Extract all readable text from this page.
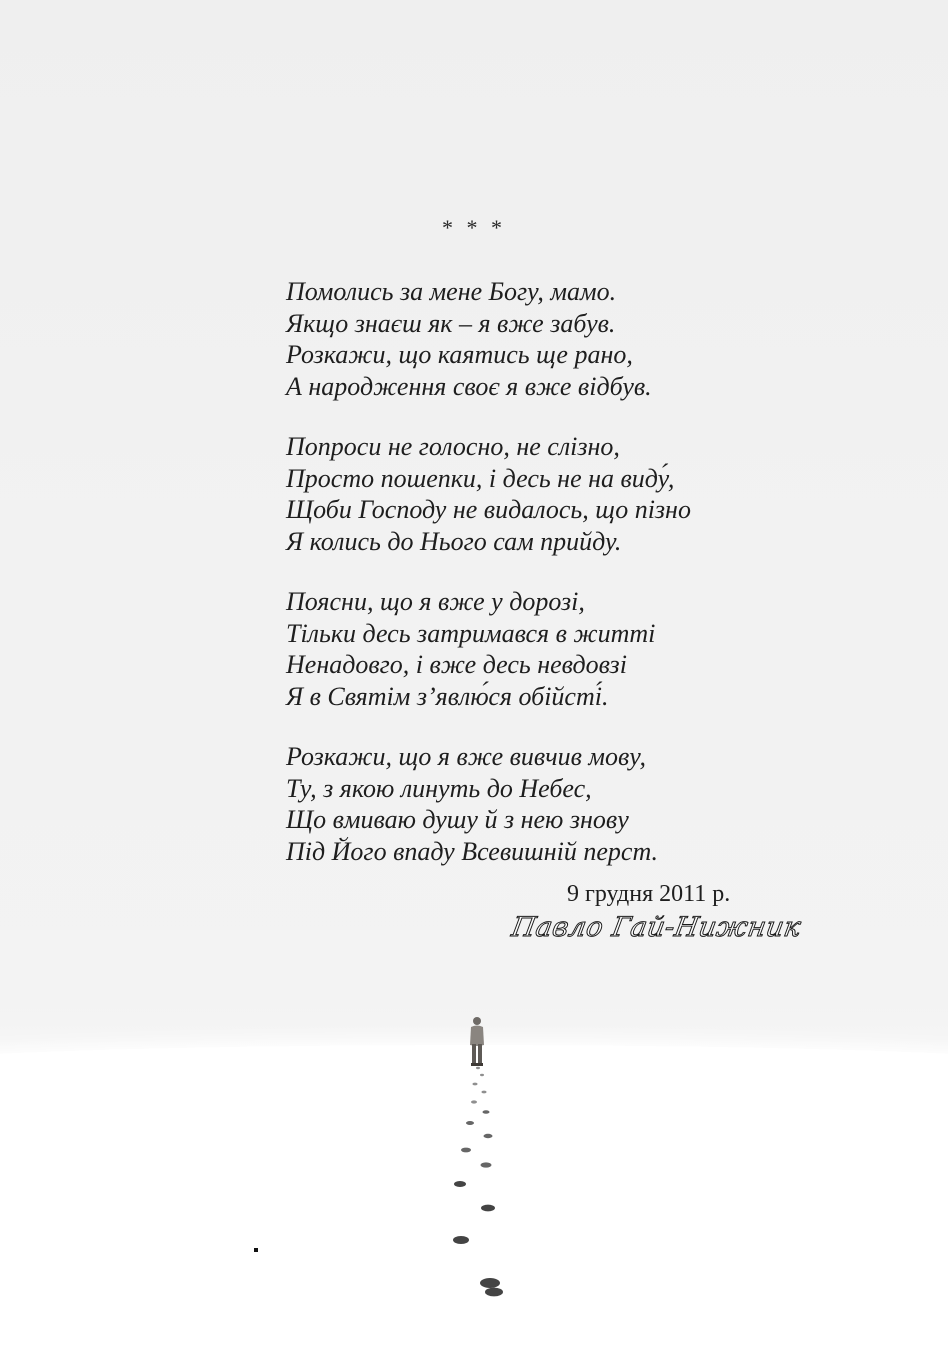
* * *
Помолись за мене Богу, мамо.
Якщо знаєш як – я вже забув.
Розкажи, що каятись ще рано,
А народження своє я вже відбув.
Попроси не голосно, не слізно,
Просто пошепки, і десь не на виду́,
Щоби Господу не видалось, що пізно
Я колись до Нього сам прийду.
Поясни, що я вже у дорозі,
Тільки десь затримався в житті
Ненадовго, і вже десь невдовзі
Я в Святім з’явлю́ся обійсті́.
Розкажи, що я вже вивчив мову,
Ту, з якою линуть до Небес,
Що вмиваю душу й з нею знову
Під Його впаду Всевишній перст.
9 грудня 2011 р.
Павло Гай-Нижник
